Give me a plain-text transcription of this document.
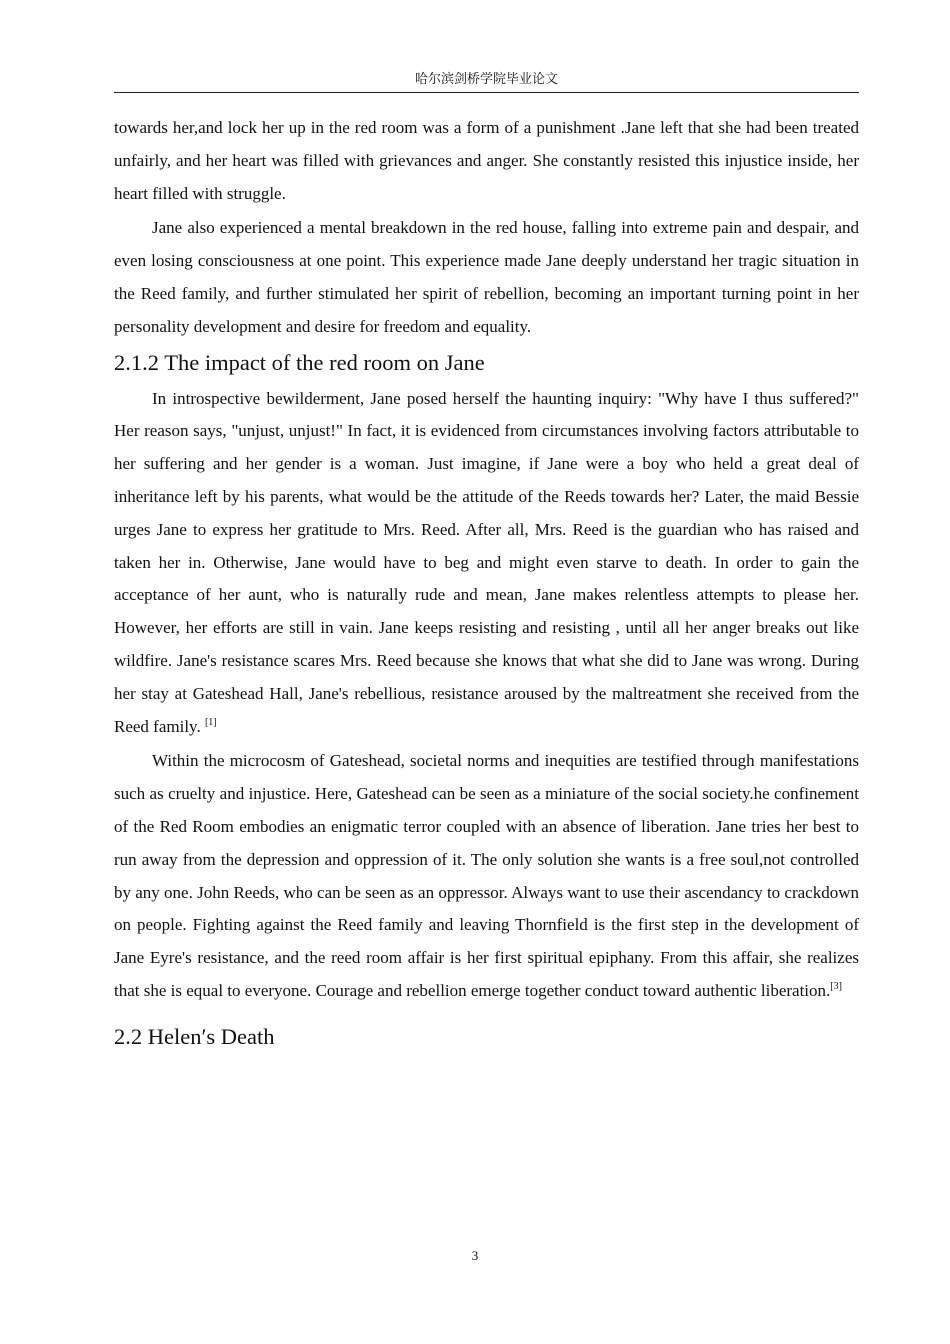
哈尔滨剑桥学院毕业论文

towards her,and lock her up in the red room was a form of a punishment .Jane left that she had been treated unfairly, and her heart was filled with grievances and anger. She constantly resisted this injustice inside, her heart filled with struggle.

Jane also experienced a mental breakdown in the red house, falling into extreme pain and despair, and even losing consciousness at one point. This experience made Jane deeply understand her tragic situation in the Reed family, and further stimulated her spirit of rebellion, becoming an important turning point in her personality development and desire for freedom and equality.

2.1.2 The impact of the red room on Jane

In introspective bewilderment, Jane posed herself the haunting inquiry: "Why have I thus suffered?" Her reason says, "unjust, unjust!" In fact, it is evidenced from circumstances involving factors attributable to her suffering and her gender is a woman. Just imagine, if Jane were a boy who held a great deal of inheritance left by his parents, what would be the attitude of the Reeds towards her? Later, the maid Bessie urges Jane to express her gratitude to Mrs. Reed. After all, Mrs. Reed is the guardian who has raised and taken her in. Otherwise, Jane would have to beg and might even starve to death. In order to gain the acceptance of her aunt, who is naturally rude and mean, Jane makes relentless attempts to please her. However, her efforts are still in vain. Jane keeps resisting and resisting , until all her anger breaks out like wildfire. Jane's resistance scares Mrs. Reed because she knows that what she did to Jane was wrong. During her stay at Gateshead Hall, Jane's rebellious, resistance aroused by the maltreatment she received from the Reed family. [1]

Within the microcosm of Gateshead, societal norms and inequities are testified through manifestations such as cruelty and injustice. Here, Gateshead can be seen as a miniature of the social society.he confinement of the Red Room embodies an enigmatic terror coupled with an absence of liberation. Jane tries her best to run away from the depression and oppression of it. The only solution she wants is a free soul,not controlled by any one. John Reeds, who can be seen as an oppressor. Always want to use their ascendancy to crackdown on people. Fighting against the Reed family and leaving Thornfield is the first step in the development of Jane Eyre's resistance, and the reed room affair is her first spiritual epiphany. From this affair, she realizes that she is equal to everyone. Courage and rebellion emerge together conduct toward authentic liberation.[3]

2.2 Helen′s Death
3
